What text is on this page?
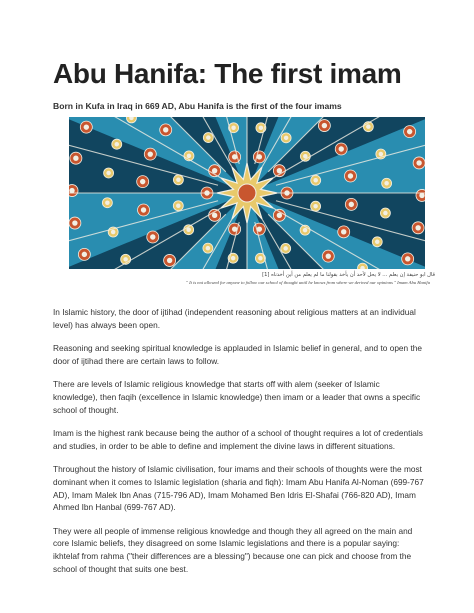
Abu Hanifa: The first imam
Born in Kufa in Iraq in 669 AD, Abu Hanifa is the first of the four imams
قال ابو حنيفة إن يعلم ... لا يحل لأحد أن يأخذ بقولنا ما لم يعلم من أين أخذناه [1]
" It is not allowed for anyone to follow our school of thought until he knows from where we derived our opinions " Imam Abu Hanifa

In Islamic history, the door of ijtihad (independent reasoning about religious matters at an individual level) has always been open.

Reasoning and seeking spiritual knowledge is applauded in Islamic belief in general, and to open the door of ijtihad there are certain laws to follow.

There are levels of Islamic religious knowledge that starts off with alem (seeker of Islamic knowledge), then faqih (excellence in Islamic knowledge) then imam or a leader that owns a specific school of thought.

Imam is the highest rank because being the author of a school of thought requires a lot of credentials and studies, in order to be able to define and implement the divine laws in different situations.

Throughout the history of Islamic civilisation, four imams and their schools of thoughts were the most dominant when it comes to Islamic legislation (sharia and fiqh): Imam Abu Hanifa Al-Noman (699-767 AD), Imam Malek Ibn Anas (715-796 AD), Imam Mohamed Ben Idris El-Shafai (766-820 AD), Imam Ahmed Ibn Hanbal (699-767 AD).

They were all people of immense religious knowledge and though they all agreed on the main and core Islamic beliefs, they disagreed on some Islamic legislations and there is a popular saying: ikhtelaf from rahma ("their differences are a blessing") because one can pick and choose from the school of thought that suits one best.
